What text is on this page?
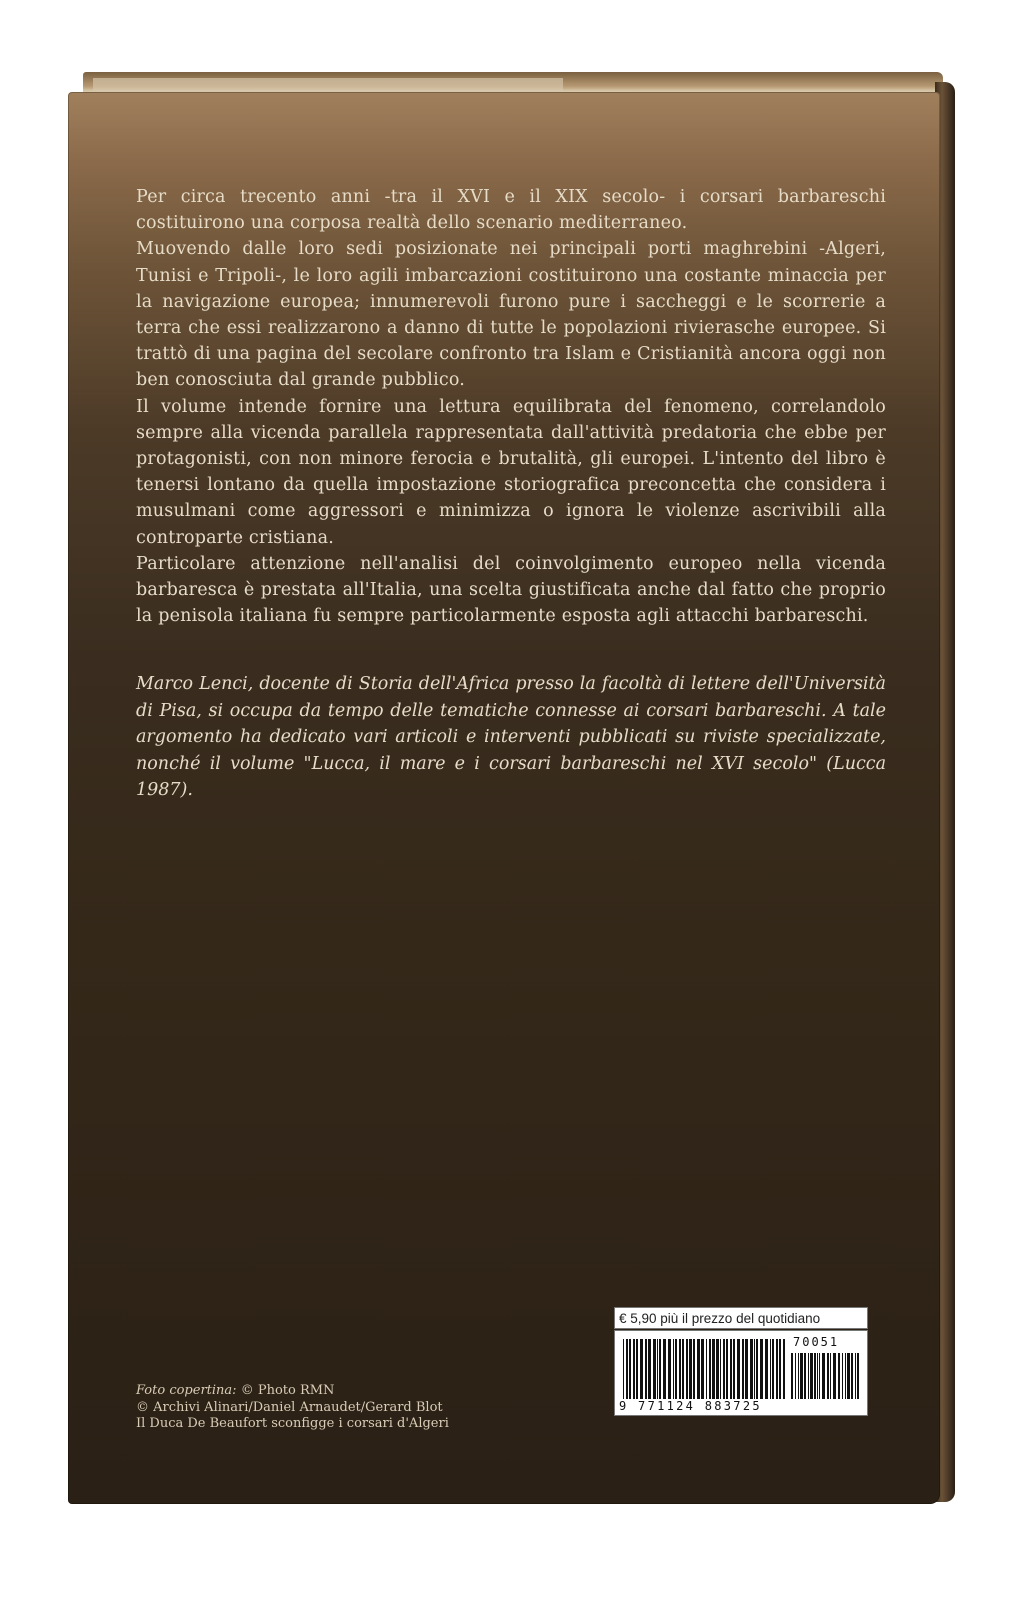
Per circa trecento anni -tra il XVI e il XIX secolo- i corsari barbareschi costituirono una corposa realtà dello scenario mediterraneo.

Muovendo dalle loro sedi posizionate nei principali porti maghrebini -Algeri, Tunisi e Tripoli-, le loro agili imbarcazioni costituirono una costante minaccia per la navigazione europea; innumerevoli furono pure i saccheggi e le scorrerie a terra che essi realizzarono a danno di tutte le popolazioni rivierasche europee. Si trattò di una pagina del secolare confronto tra Islam e Cristianità ancora oggi non ben conosciuta dal grande pubblico.

Il volume intende fornire una lettura equilibrata del fenomeno, correlandolo sempre alla vicenda parallela rappresentata dall'attività predatoria che ebbe per protagonisti, con non minore ferocia e brutalità, gli europei. L'intento del libro è tenersi lontano da quella impostazione storiografica preconcetta che considera i musulmani come aggressori e minimizza o ignora le violenze ascrivibili alla controparte cristiana.

Particolare attenzione nell'analisi del coinvolgimento europeo nella vicenda barbaresca è prestata all'Italia, una scelta giustificata anche dal fatto che proprio la penisola italiana fu sempre particolarmente esposta agli attacchi barbareschi.

Marco Lenci, docente di Storia dell'Africa presso la facoltà di lettere dell'Università di Pisa, si occupa da tempo delle tematiche connesse ai corsari barbareschi. A tale argomento ha dedicato vari articoli e interventi pubblicati su riviste specializzate, nonché il volume "Lucca, il mare e i corsari barbareschi nel XVI secolo" (Lucca 1987).
Foto copertina: © Photo RMN
© Archivi Alinari/Daniel Arnaudet/Gerard Blot
Il Duca De Beaufort sconfigge i corsari d'Algeri
€ 5,90 più il prezzo del quotidiano
70051
9 771124 883725
